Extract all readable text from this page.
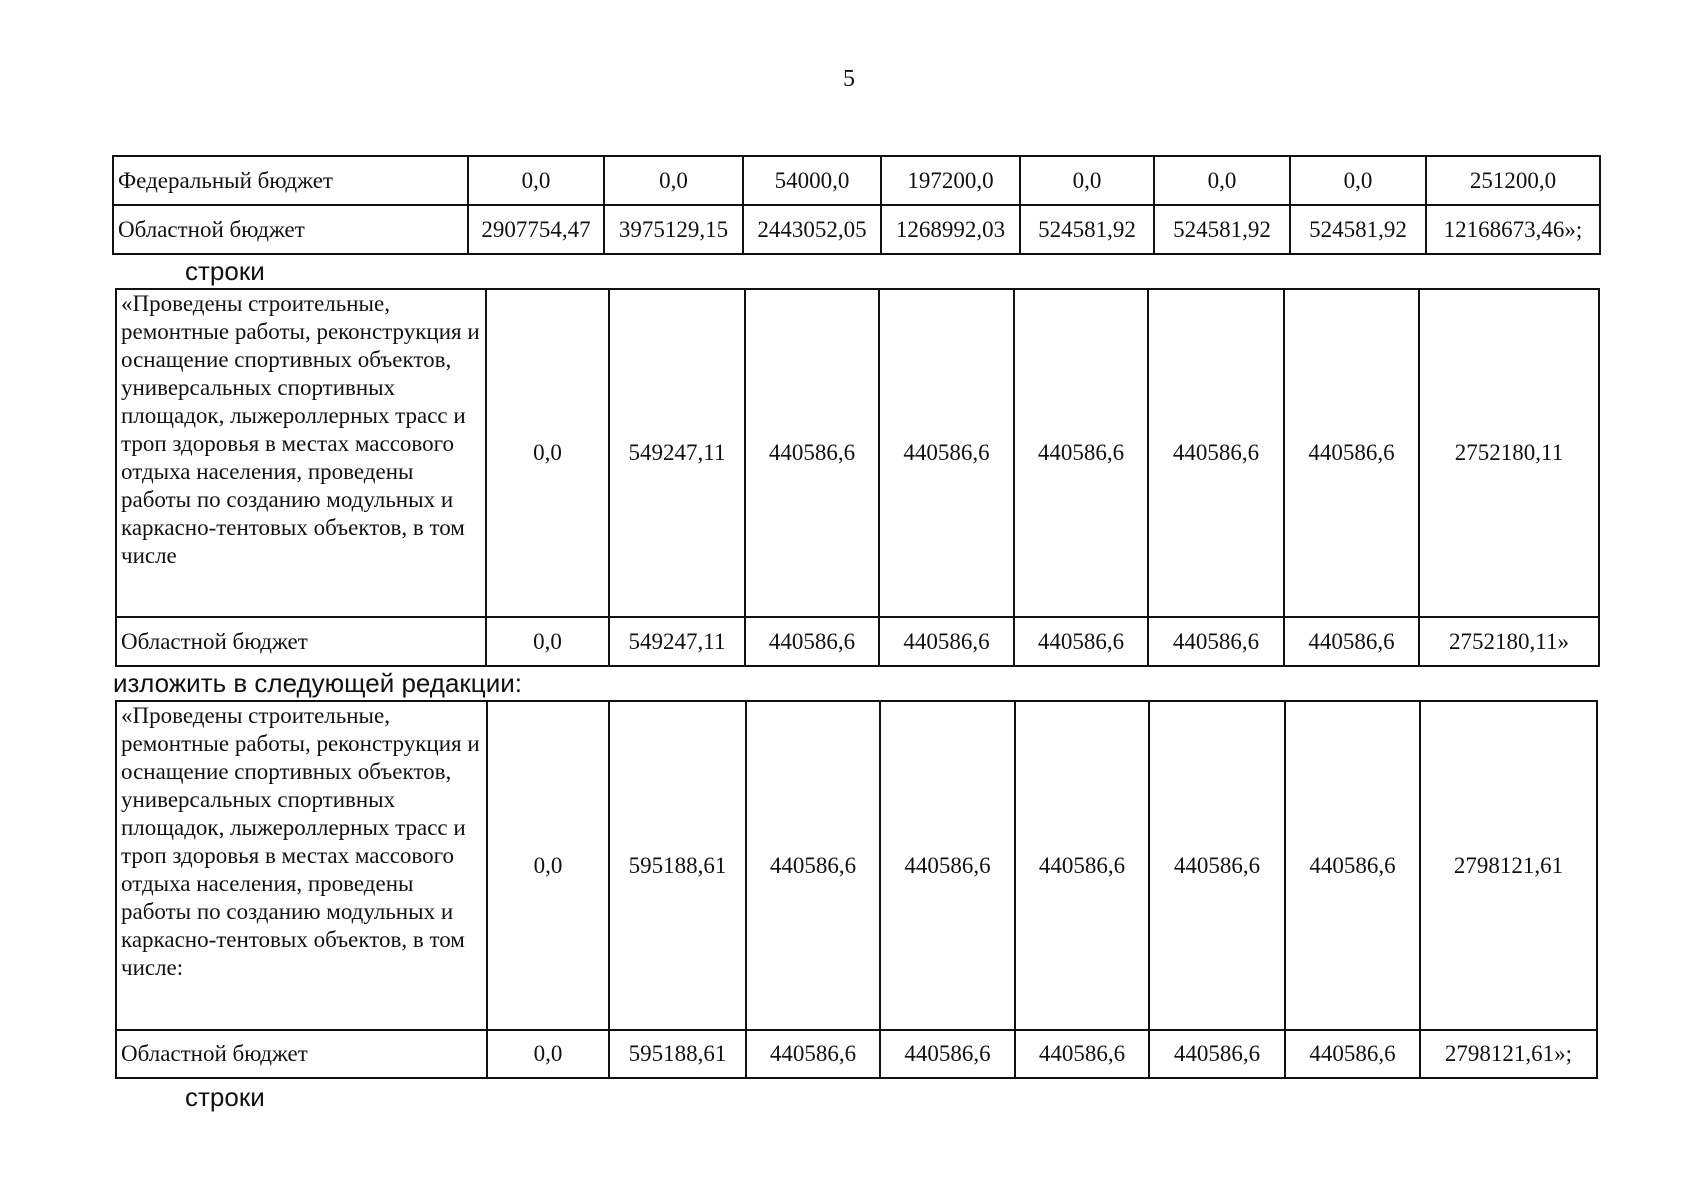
5
Федеральный бюджет	0,0	0,0	54000,0	197200,0	0,0	0,0	0,0	251200,0
Областной бюджет	2907754,47	3975129,15	2443052,05	1268992,03	524581,92	524581,92	524581,92	12168673,46»;
строки
«Проведены строительные, ремонтные работы, реконструкция и оснащение спортивных объектов, универсальных спортивных площадок, лыжероллерных трасс и троп здоровья в местах массового отдыха населения, проведены работы по созданию модульных и каркасно-тентовых объектов, в том числе	0,0	549247,11	440586,6	440586,6	440586,6	440586,6	440586,6	2752180,11
Областной бюджет	0,0	549247,11	440586,6	440586,6	440586,6	440586,6	440586,6	2752180,11»
изложить в следующей редакции:
«Проведены строительные, ремонтные работы, реконструкция и оснащение спортивных объектов, универсальных спортивных площадок, лыжероллерных трасс и троп здоровья в местах массового отдыха населения, проведены работы по созданию модульных и каркасно-тентовых объектов, в том числе:	0,0	595188,61	440586,6	440586,6	440586,6	440586,6	440586,6	2798121,61
Областной бюджет	0,0	595188,61	440586,6	440586,6	440586,6	440586,6	440586,6	2798121,61»;
строки
